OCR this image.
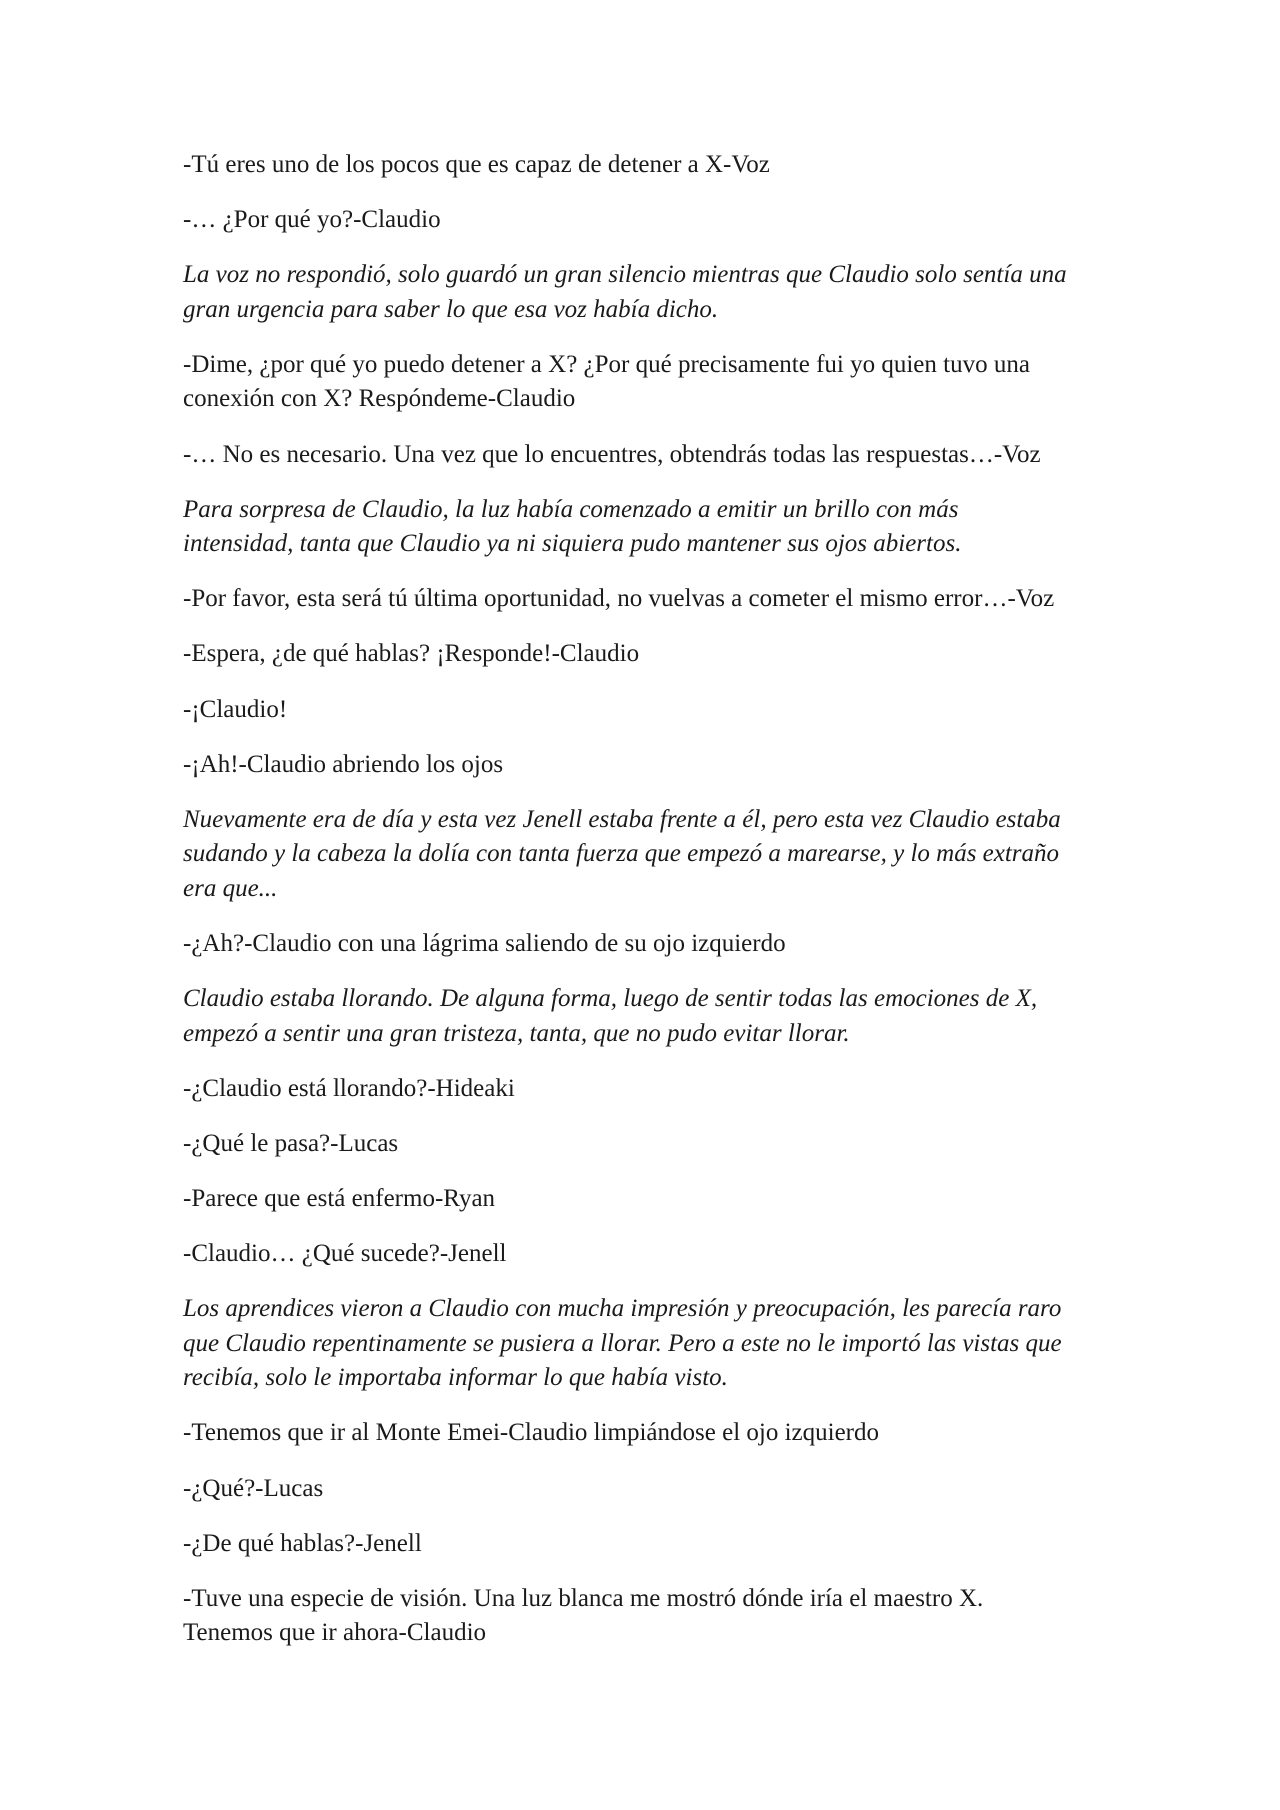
-Tú eres uno de los pocos que es capaz de detener a X-Voz

-… ¿Por qué yo?-Claudio

La voz no respondió, solo guardó un gran silencio mientras que Claudio solo sentía una
gran urgencia para saber lo que esa voz había dicho.

-Dime, ¿por qué yo puedo detener a X? ¿Por qué precisamente fui yo quien tuvo una
conexión con X? Respóndeme-Claudio

-… No es necesario. Una vez que lo encuentres, obtendrás todas las respuestas…-Voz

Para sorpresa de Claudio, la luz había comenzado a emitir un brillo con más
intensidad, tanta que Claudio ya ni siquiera pudo mantener sus ojos abiertos.

-Por favor, esta será tú última oportunidad, no vuelvas a cometer el mismo error…-Voz

-Espera, ¿de qué hablas? ¡Responde!-Claudio

-¡Claudio!

-¡Ah!-Claudio abriendo los ojos

Nuevamente era de día y esta vez Jenell estaba frente a él, pero esta vez Claudio estaba
sudando y la cabeza la dolía con tanta fuerza que empezó a marearse, y lo más extraño
era que...

-¿Ah?-Claudio con una lágrima saliendo de su ojo izquierdo

Claudio estaba llorando. De alguna forma, luego de sentir todas las emociones de X,
empezó a sentir una gran tristeza, tanta, que no pudo evitar llorar.

-¿Claudio está llorando?-Hideaki

-¿Qué le pasa?-Lucas

-Parece que está enfermo-Ryan

-Claudio… ¿Qué sucede?-Jenell

Los aprendices vieron a Claudio con mucha impresión y preocupación, les parecía raro
que Claudio repentinamente se pusiera a llorar. Pero a este no le importó las vistas que
recibía, solo le importaba informar lo que había visto.

-Tenemos que ir al Monte Emei-Claudio limpiándose el ojo izquierdo

-¿Qué?-Lucas

-¿De qué hablas?-Jenell

-Tuve una especie de visión. Una luz blanca me mostró dónde iría el maestro X.
Tenemos que ir ahora-Claudio
